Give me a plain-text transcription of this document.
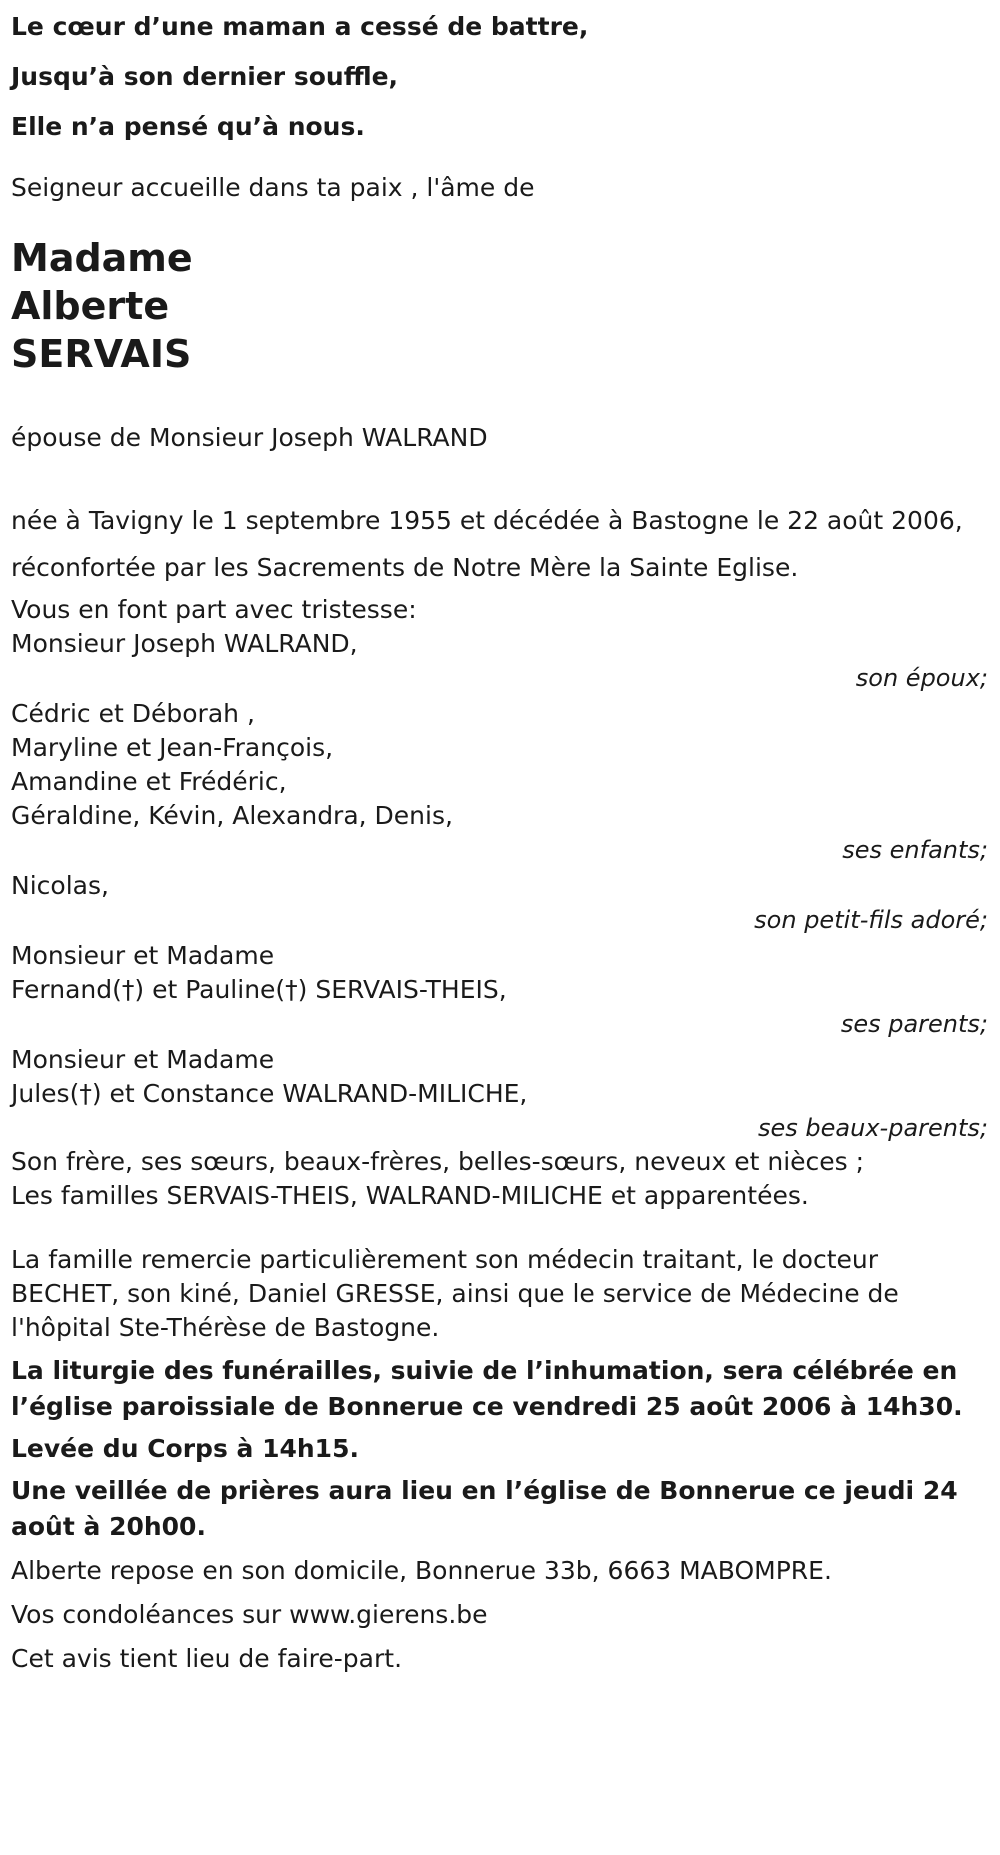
Le cœur d’une maman a cessé de battre,

Jusqu’à son dernier souffle,

Elle n’a pensé qu’à nous.

Seigneur accueille dans ta paix , l'âme de

Madame

Alberte

SERVAIS

épouse de Monsieur Joseph WALRAND

née à Tavigny le 1 septembre 1955 et décédée à Bastogne le 22 août 2006,

réconfortée par les Sacrements de Notre Mère la Sainte Eglise.

Vous en font part avec tristesse:

Monsieur Joseph WALRAND,

son époux;

Cédric et Déborah ,

Maryline et Jean-François,

Amandine et Frédéric,

Géraldine, Kévin, Alexandra, Denis,

ses enfants;

Nicolas,

son petit-fils adoré;

Monsieur et Madame

Fernand(†) et Pauline(†) SERVAIS-THEIS,

ses parents;

Monsieur et Madame

Jules(†) et Constance WALRAND-MILICHE,

ses beaux-parents;

Son frère, ses sœurs, beaux-frères, belles-sœurs, neveux et nièces ;

Les familles SERVAIS-THEIS, WALRAND-MILICHE et apparentées.

La famille remercie particulièrement son médecin traitant, le docteur BECHET, son kiné, Daniel GRESSE, ainsi que le service de Médecine de l'hôpital Ste-Thérèse de Bastogne.

La liturgie des funérailles, suivie de l’inhumation, sera célébrée en l’église paroissiale de Bonnerue ce vendredi 25 août 2006 à 14h30.

Levée du Corps à 14h15.

Une veillée de prières aura lieu en l’église de Bonnerue ce jeudi 24 août à 20h00.

Alberte repose en son domicile, Bonnerue 33b, 6663 MABOMPRE.

Vos condoléances sur www.gierens.be

Cet avis tient lieu de faire-part.
